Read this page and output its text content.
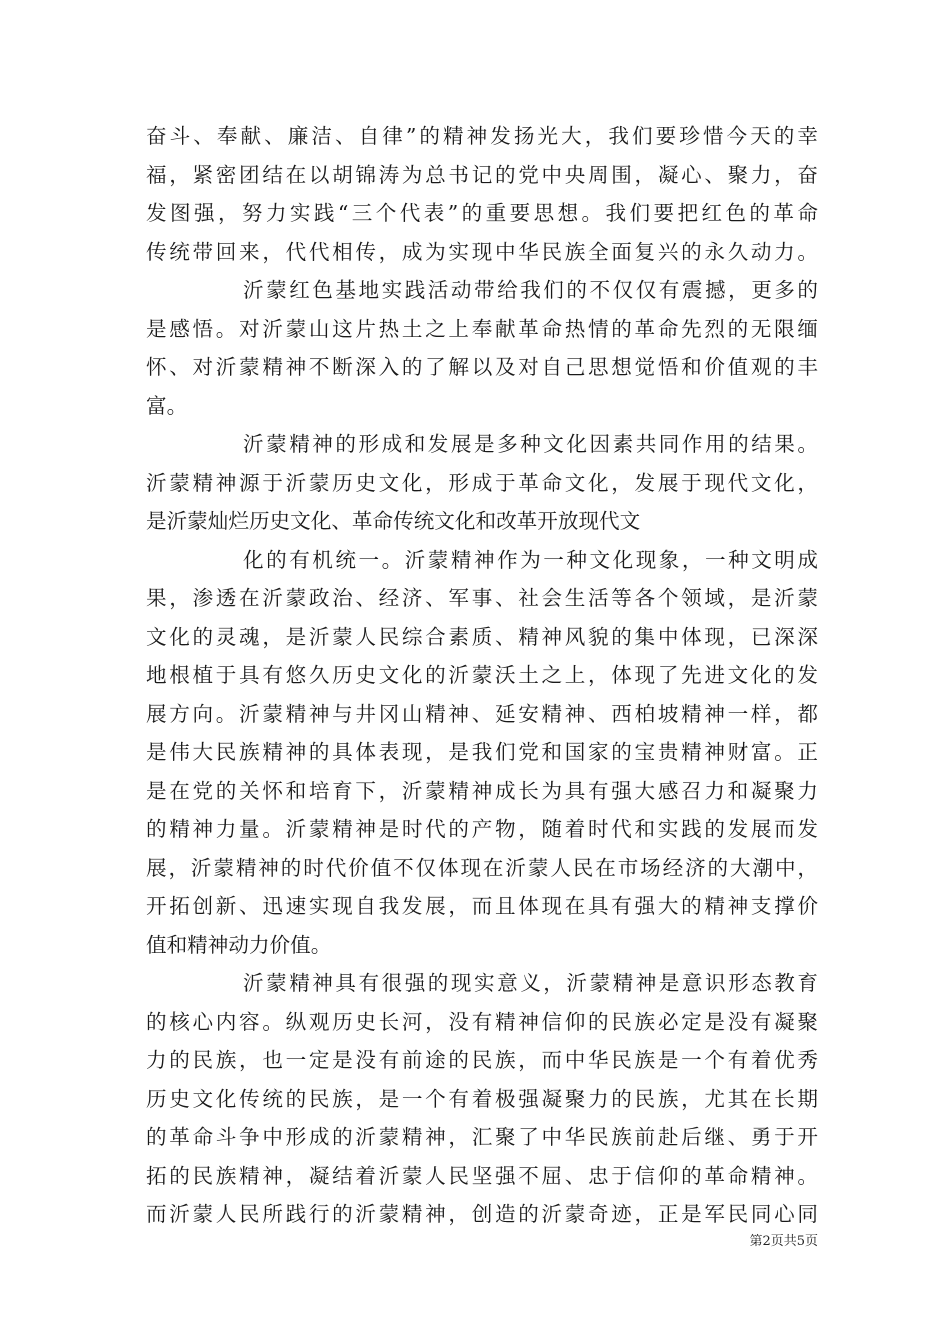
奋斗、奉献、廉洁、自律”的精神发扬光大，我们要珍惜今天的幸
福，紧密团结在以胡锦涛为总书记的党中央周围，凝心、聚力，奋
发图强，努力实践“三个代表”的重要思想。我们要把红色的革命
传统带回来，代代相传，成为实现中华民族全面复兴的永久动力。
沂蒙红色基地实践活动带给我们的不仅仅有震撼，更多的
是感悟。对沂蒙山这片热土之上奉献革命热情的革命先烈的无限缅
怀、对沂蒙精神不断深入的了解以及对自己思想觉悟和价值观的丰
富。
沂蒙精神的形成和发展是多种文化因素共同作用的结果。
沂蒙精神源于沂蒙历史文化，形成于革命文化，发展于现代文化，
是沂蒙灿烂历史文化、革命传统文化和改革开放现代文
化的有机统一。沂蒙精神作为一种文化现象，一种文明成
果，渗透在沂蒙政治、经济、军事、社会生活等各个领域，是沂蒙
文化的灵魂，是沂蒙人民综合素质、精神风貌的集中体现，已深深
地根植于具有悠久历史文化的沂蒙沃土之上，体现了先进文化的发
展方向。沂蒙精神与井冈山精神、延安精神、西柏坡精神一样，都
是伟大民族精神的具体表现，是我们党和国家的宝贵精神财富。正
是在党的关怀和培育下，沂蒙精神成长为具有强大感召力和凝聚力
的精神力量。沂蒙精神是时代的产物，随着时代和实践的发展而发
展，沂蒙精神的时代价值不仅体现在沂蒙人民在市场经济的大潮中，
开拓创新、迅速实现自我发展，而且体现在具有强大的精神支撑价
值和精神动力价值。
沂蒙精神具有很强的现实意义，沂蒙精神是意识形态教育
的核心内容。纵观历史长河，没有精神信仰的民族必定是没有凝聚
力的民族，也一定是没有前途的民族，而中华民族是一个有着优秀
历史文化传统的民族，是一个有着极强凝聚力的民族，尤其在长期
的革命斗争中形成的沂蒙精神，汇聚了中华民族前赴后继、勇于开
拓的民族精神，凝结着沂蒙人民坚强不屈、忠于信仰的革命精神。
而沂蒙人民所践行的沂蒙精神，创造的沂蒙奇迹，正是军民同心同
第2页共5页
